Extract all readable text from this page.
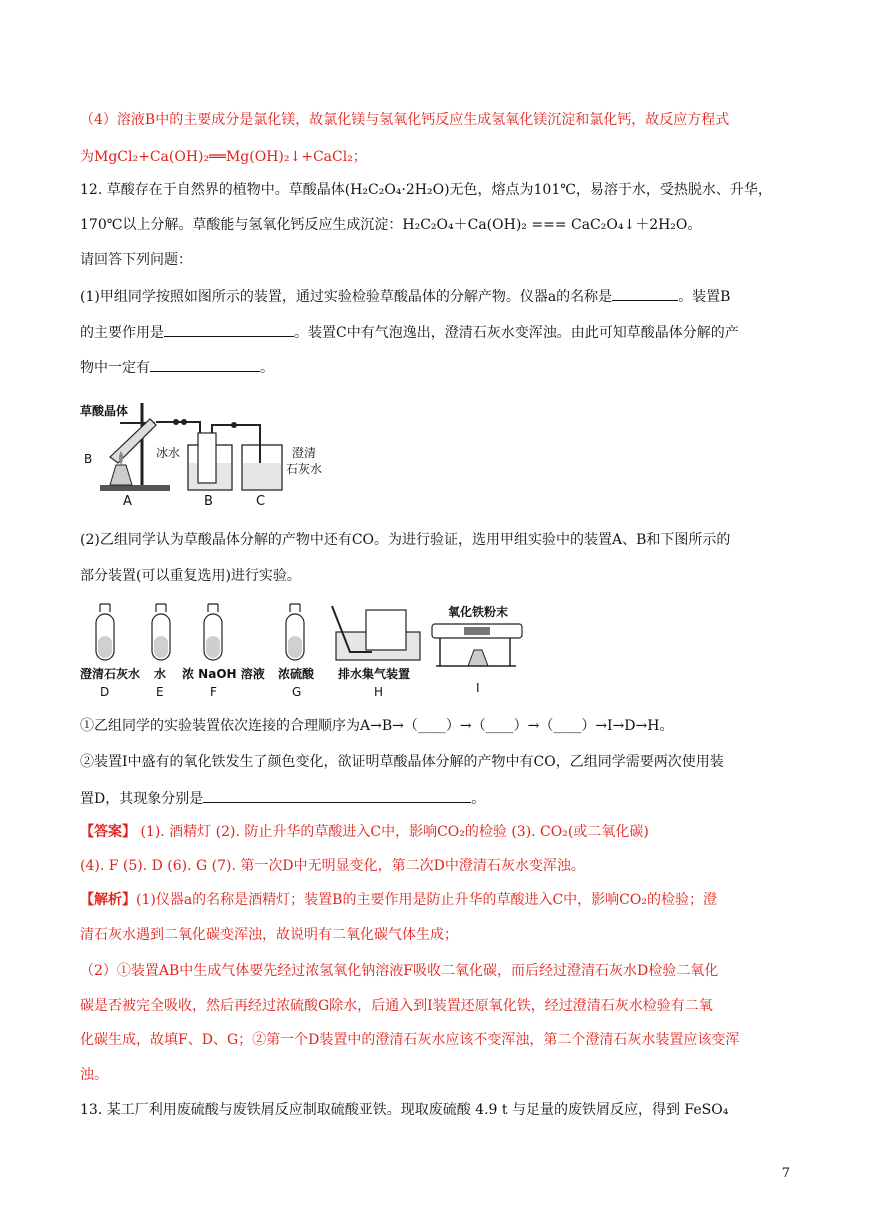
（4）溶液B中的主要成分是氯化镁，故氯化镁与氢氧化钙反应生成氢氧化镁沉淀和氯化钙，故反应方程式
为MgCl₂+Ca(OH)₂══Mg(OH)₂↓+CaCl₂；
12. 草酸存在于自然界的植物中。草酸晶体(H₂C₂O₄·2H₂O)无色，熔点为101℃，易溶于水，受热脱水、升华，
170℃以上分解。草酸能与氢氧化钙反应生成沉淀：H₂C₂O₄＋Ca(OH)₂ === CaC₂O₄↓＋2H₂O。
请回答下列问题：
(1)甲组同学按照如图所示的装置，通过实验检验草酸晶体的分解产物。仪器a的名称是	。装置B
的主要作用是	。装置C中有气泡逸出，澄清石灰水变浑浊。由此可知草酸晶体分解的产
物中一定有	。
草酸晶体
B	冰水	澄清
石灰水
A	B	C
(2)乙组同学认为草酸晶体分解的产物中还有CO。为进行验证，选用甲组实验中的装置A、B和下图所示的
部分装置(可以重复选用)进行实验。
澄清石灰水
D
水
E
浓 NaOH 溶液
F
浓硫酸
G
排水集气装置
H
氧化铁粉末
I
①乙组同学的实验装置依次连接的合理顺序为A→B→（____）→（____）→（____）→I→D→H。
②装置I中盛有的氧化铁发生了颜色变化，欲证明草酸晶体分解的产物中有CO，乙组同学需要两次使用装
置D，其现象分别是	。
【答案】 (1). 酒精灯 (2). 防止升华的草酸进入C中，影响CO₂的检验 (3). CO₂(或二氧化碳)
(4). F (5). D (6). G (7). 第一次D中无明显变化，第二次D中澄清石灰水变浑浊。
【解析】(1)仪器a的名称是酒精灯；装置B的主要作用是防止升华的草酸进入C中，影响CO₂的检验；澄
清石灰水遇到二氧化碳变浑浊，故说明有二氧化碳气体生成；
（2）①装置AB中生成气体要先经过浓氢氧化钠溶液F吸收二氧化碳，而后经过澄清石灰水D检验二氧化
碳是否被完全吸收，然后再经过浓硫酸G除水，后通入到I装置还原氧化铁，经过澄清石灰水检验有二氧
化碳生成，故填F、D、G；②第一个D装置中的澄清石灰水应该不变浑浊，第二个澄清石灰水装置应该变浑
浊。
13. 某工厂利用废硫酸与废铁屑反应制取硫酸亚铁。现取废硫酸 4.9 t 与足量的废铁屑反应，得到 FeSO₄
7
